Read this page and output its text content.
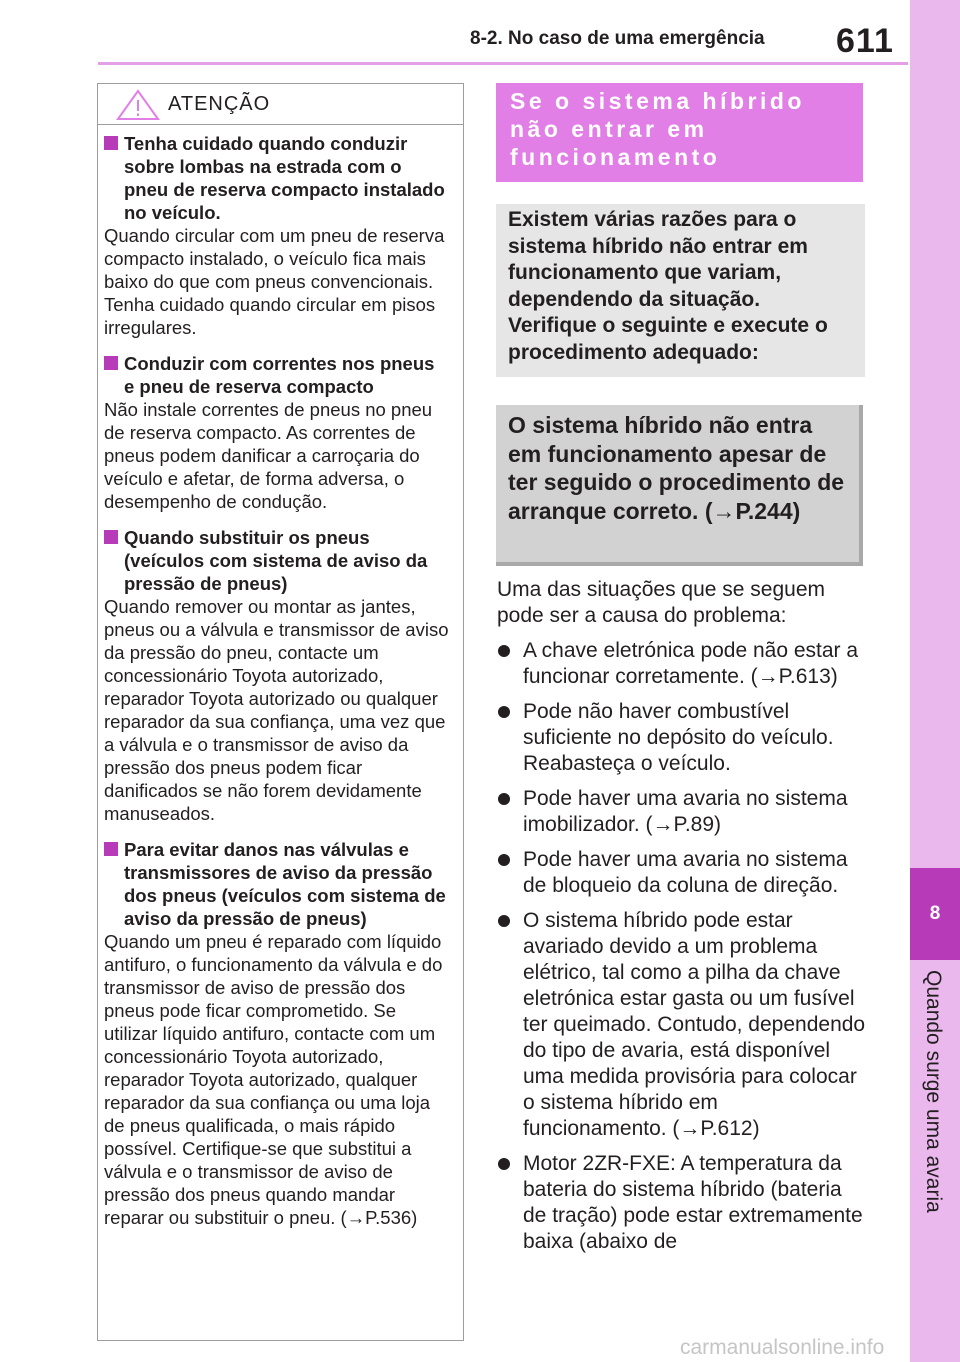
8-2. No caso de uma emergência 611
8
Quando surge uma avaria
ATENÇÃO
Tenha cuidado quando conduzir sobre lombas na estrada com o pneu de reserva compacto instalado no veículo.
Quando circular com um pneu de reserva compacto instalado, o veículo fica mais baixo do que com pneus convencionais. Tenha cuidado quando circular em pisos irregulares.
Conduzir com correntes nos pneus e pneu de reserva compacto
Não instale correntes de pneus no pneu de reserva compacto. As correntes de pneus podem danificar a carroçaria do veículo e afetar, de forma adversa, o desempenho de condução.
Quando substituir os pneus (veículos com sistema de aviso da pressão de pneus)
Quando remover ou montar as jantes, pneus ou a válvula e transmissor de aviso da pressão do pneu, contacte um concessionário Toyota autorizado, reparador Toyota autorizado ou qualquer reparador da sua confiança, uma vez que a válvula e o transmissor de aviso da pressão dos pneus podem ficar danificados se não forem devidamente manuseados.
Para evitar danos nas válvulas e transmissores de aviso da pressão dos pneus (veículos com sistema de aviso da pressão de pneus)
Quando um pneu é reparado com líquido antifuro, o funcionamento da válvula e do transmissor de aviso de pressão dos pneus pode ficar comprometido. Se utilizar líquido antifuro, contacte com um concessionário Toyota autorizado, reparador Toyota autorizado, qualquer reparador da sua confiança ou uma loja de pneus qualificada, o mais rápido possível. Certifique-se que substitui a válvula e o transmissor de aviso de pressão dos pneus quando mandar reparar ou substituir o pneu. (→P.536)
Se o sistema híbrido não entrar em funcionamento
Existem várias razões para o sistema híbrido não entrar em funcionamento que variam, dependendo da situação. Verifique o seguinte e execute o procedimento adequado:
O sistema híbrido não entra em funcionamento apesar de ter seguido o procedimento de arranque correto. (→P.244)

Uma das situações que se seguem pode ser a causa do problema:

A chave eletrónica pode não estar a funcionar corretamente. (→P.613)
Pode não haver combustível suficiente no depósito do veículo. Reabasteça o veículo.
Pode haver uma avaria no sistema imobilizador. (→P.89)
Pode haver uma avaria no sistema de bloqueio da coluna de direção.
O sistema híbrido pode estar avariado devido a um problema elétrico, tal como a pilha da chave eletrónica estar gasta ou um fusível ter queimado. Contudo, dependendo do tipo de avaria, está disponível uma medida provisória para colocar o sistema híbrido em funcionamento. (→P.612)
Motor 2ZR-FXE: A temperatura da bateria do sistema híbrido (bateria de tração) pode estar extremamente baixa (abaixo de
carmanualsonline.info
